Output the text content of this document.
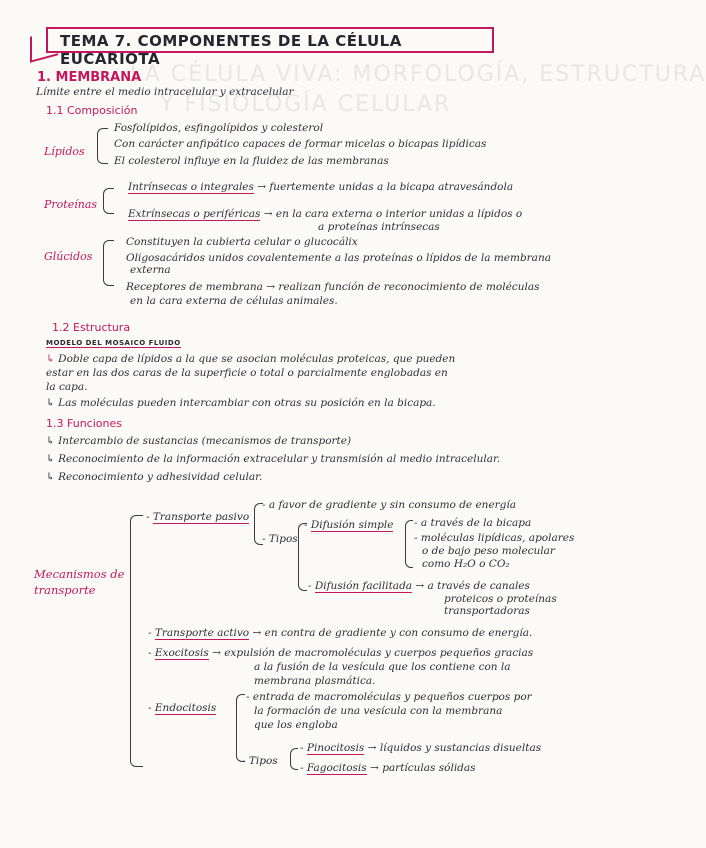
LA CÉLULA VIVA: MORFOLOGÍA, ESTRUCTURA
Y FISIOLOGÍA CELULAR
TEMA 7. COMPONENTES DE LA CÉLULA EUCARIOTA
1. MEMBRANA
Límite entre el medio intracelular y extracelular
1.1 Composición
Lípidos
Fosfolípidos, esfingolípidos y colesterol
Con carácter anfipático capaces de formar micelas o bicapas lipídicas
El colesterol influye en la fluidez de las membranas
Proteínas
Intrínsecas o integrales → fuertemente unidas a la bicapa atravesándola
Extrínsecas o periféricas → en la cara externa o interior unidas a lípidos o
a proteínas intrínsecas
Glúcidos
Constituyen la cubierta celular o glucocálix
Oligosacáridos unidos covalentemente a las proteínas o lípidos de la membrana
externa
Receptores de membrana → realizan función de reconocimiento de moléculas
en la cara externa de células animales.
1.2 Estructura
MODELO DEL MOSAICO FLUIDO
↳ Doble capa de lípidos a la que se asocian moléculas proteicas, que pueden
estar en las dos caras de la superficie o total o parcialmente englobadas en
la capa.
↳ Las moléculas pueden intercambiar con otras su posición en la bicapa.
1.3 Funciones
↳ Intercambio de sustancias (mecanismos de transporte)
↳ Reconocimiento de la información extracelular y transmisión al medio intracelular.
↳ Reconocimiento y adhesividad celular.
Mecanismos de
transporte
- Transporte pasivo
- a favor de gradiente y sin consumo de energía
- Tipos
- Difusión simple - a través de la bicapa
- moléculas lipídicas, apolares
o de bajo peso molecular
como H₂O o CO₂
- Difusión facilitada → a través de canales
proteicos o proteínas
transportadoras
- Transporte activo → en contra de gradiente y con consumo de energía.
- Exocitosis → expulsión de macromoléculas y cuerpos pequeños gracias
a la fusión de la vesícula que los contiene con la
membrana plasmática.
- Endocitosis
- entrada de macromoléculas y pequeños cuerpos por
la formación de una vesícula con la membrana
que los engloba
- Tipos
- Pinocitosis → líquidos y sustancias disueltas
- Fagocitosis → partículas sólidas
